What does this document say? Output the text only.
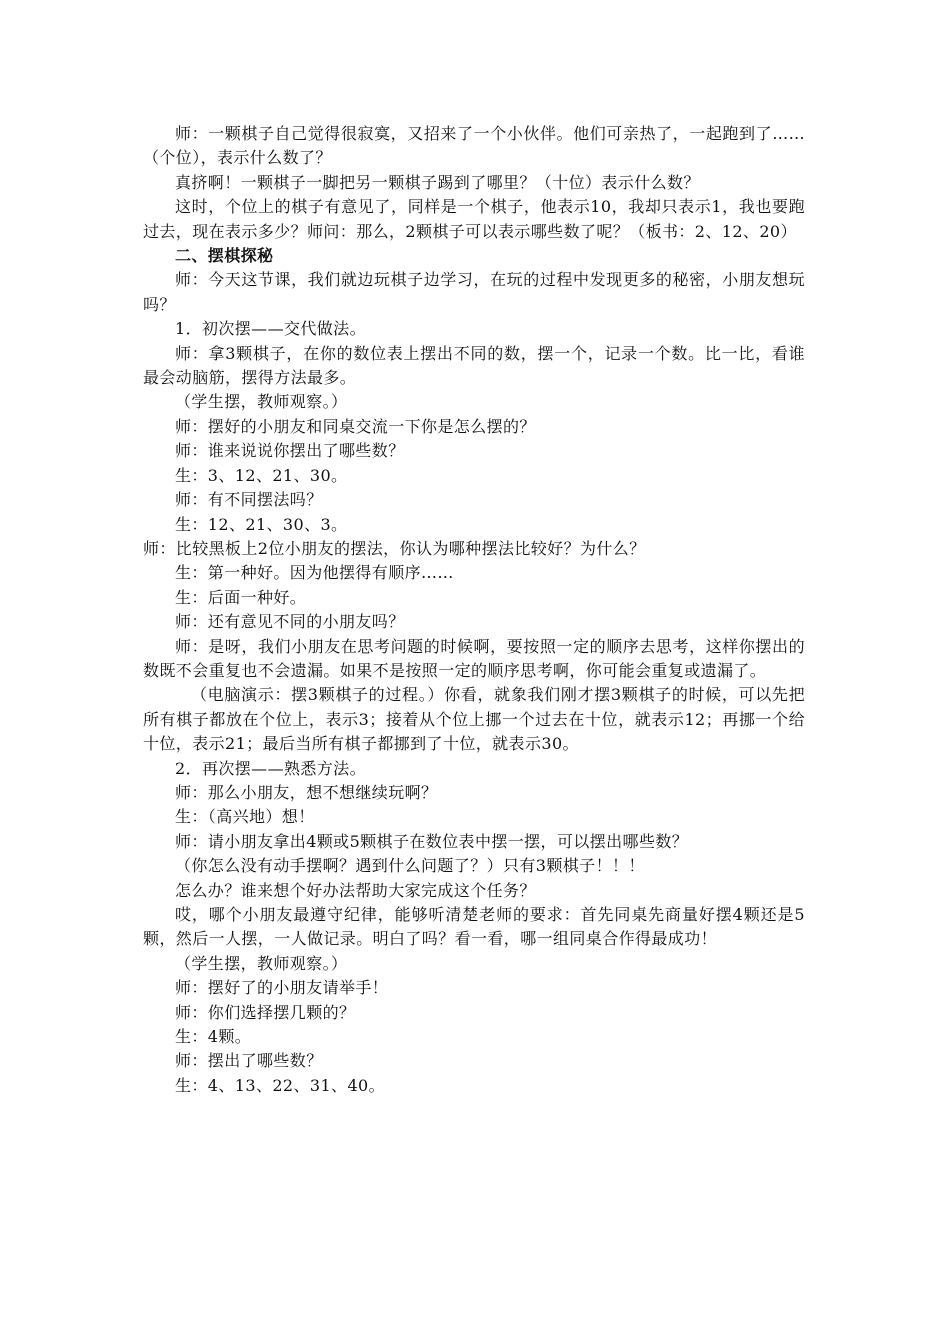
师：一颗棋子自己觉得很寂寞，又招来了一个小伙伴。他们可亲热了，一起跑到了……（个位），表示什么数了？

真挤啊！一颗棋子一脚把另一颗棋子踢到了哪里？（十位）表示什么数？

这时，个位上的棋子有意见了，同样是一个棋子，他表示10，我却只表示1，我也要跑过去，现在表示多少？师问：那么，2颗棋子可以表示哪些数了呢？（板书：2、12、20）

二、摆棋探秘

师：今天这节课，我们就边玩棋子边学习，在玩的过程中发现更多的秘密，小朋友想玩吗？

1．初次摆——交代做法。

师：拿3颗棋子，在你的数位表上摆出不同的数，摆一个，记录一个数。比一比，看谁最会动脑筋，摆得方法最多。

（学生摆，教师观察。）

师：摆好的小朋友和同桌交流一下你是怎么摆的？

师：谁来说说你摆出了哪些数？

生：3、12、21、30。

师：有不同摆法吗？

生：12、21、30、3。

师：比较黑板上2位小朋友的摆法，你认为哪种摆法比较好？为什么？

生：第一种好。因为他摆得有顺序……

生：后面一种好。

师：还有意见不同的小朋友吗？

师：是呀，我们小朋友在思考问题的时候啊，要按照一定的顺序去思考，这样你摆出的数既不会重复也不会遗漏。如果不是按照一定的顺序思考啊，你可能会重复或遗漏了。

（电脑演示：摆3颗棋子的过程。）你看，就象我们刚才摆3颗棋子的时候，可以先把所有棋子都放在个位上，表示3；接着从个位上挪一个过去在十位，就表示12；再挪一个给十位，表示21；最后当所有棋子都挪到了十位，就表示30。

2．再次摆——熟悉方法。

师：那么小朋友，想不想继续玩啊？

生：（高兴地）想！

师：请小朋友拿出4颗或5颗棋子在数位表中摆一摆，可以摆出哪些数？

（你怎么没有动手摆啊？遇到什么问题了？）只有3颗棋子！！！

怎么办？谁来想个好办法帮助大家完成这个任务？

哎，哪个小朋友最遵守纪律，能够听清楚老师的要求：首先同桌先商量好摆4颗还是5颗，然后一人摆，一人做记录。明白了吗？看一看，哪一组同桌合作得最成功！

（学生摆，教师观察。）

师：摆好了的小朋友请举手！

师：你们选择摆几颗的？

生：4颗。

师：摆出了哪些数？

生：4、13、22、31、40。
